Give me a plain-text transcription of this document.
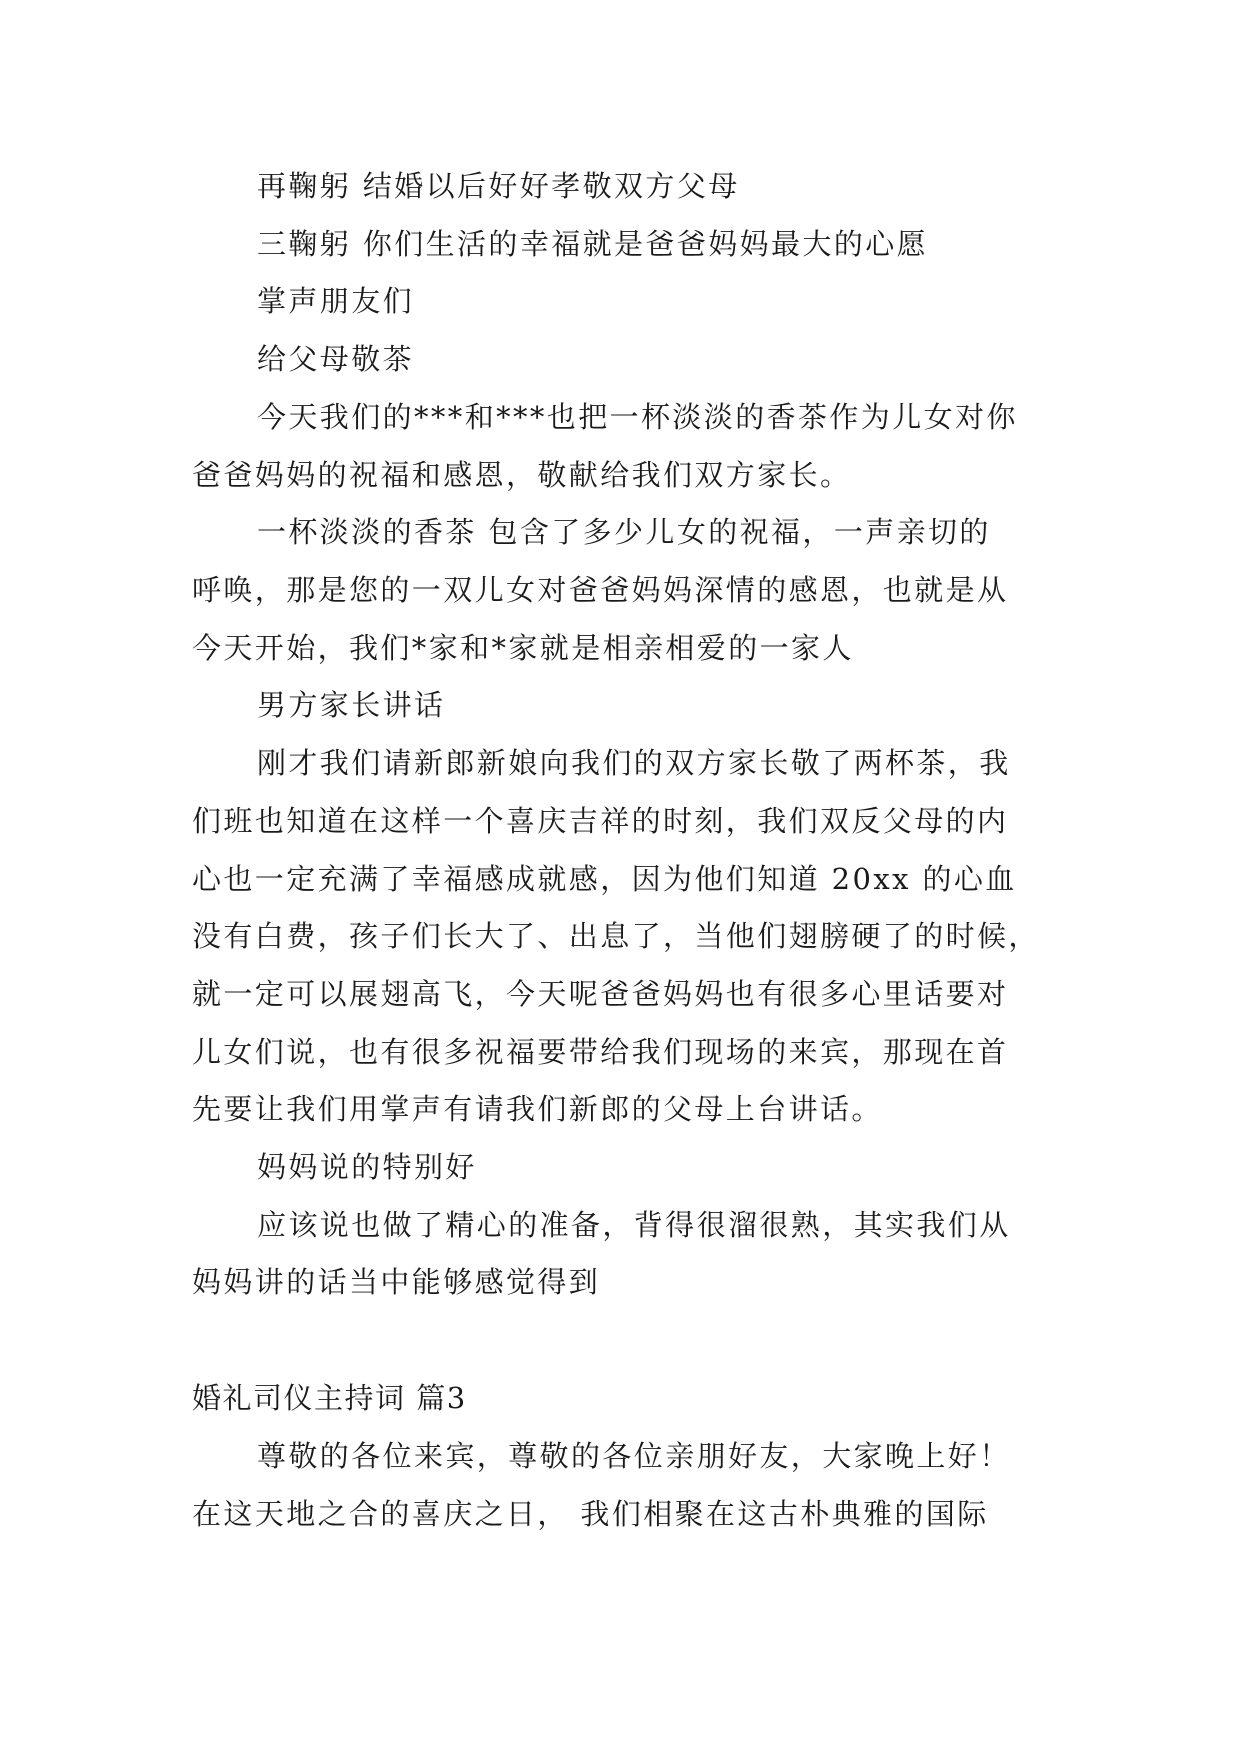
再鞠躬 结婚以后好好孝敬双方父母

三鞠躬 你们生活的幸福就是爸爸妈妈最大的心愿

掌声朋友们

给父母敬茶

今天我们的***和***也把一杯淡淡的香茶作为儿女对你

爸爸妈妈的祝福和感恩，敬献给我们双方家长。

一杯淡淡的香茶 包含了多少儿女的祝福，一声亲切的

呼唤，那是您的一双儿女对爸爸妈妈深情的感恩，也就是从

今天开始，我们*家和*家就是相亲相爱的一家人

男方家长讲话

刚才我们请新郎新娘向我们的双方家长敬了两杯茶，我

们班也知道在这样一个喜庆吉祥的时刻，我们双反父母的内

心也一定充满了幸福感成就感，因为他们知道 20xx 的心血

没有白费，孩子们长大了、出息了，当他们翅膀硬了的时候，

就一定可以展翅高飞，今天呢爸爸妈妈也有很多心里话要对

儿女们说，也有很多祝福要带给我们现场的来宾，那现在首

先要让我们用掌声有请我们新郎的父母上台讲话。

妈妈说的特别好

应该说也做了精心的准备，背得很溜很熟，其实我们从

妈妈讲的话当中能够感觉得到

婚礼司仪主持词 篇3

尊敬的各位来宾，尊敬的各位亲朋好友，大家晚上好！

在这天地之合的喜庆之日， 我们相聚在这古朴典雅的国际
